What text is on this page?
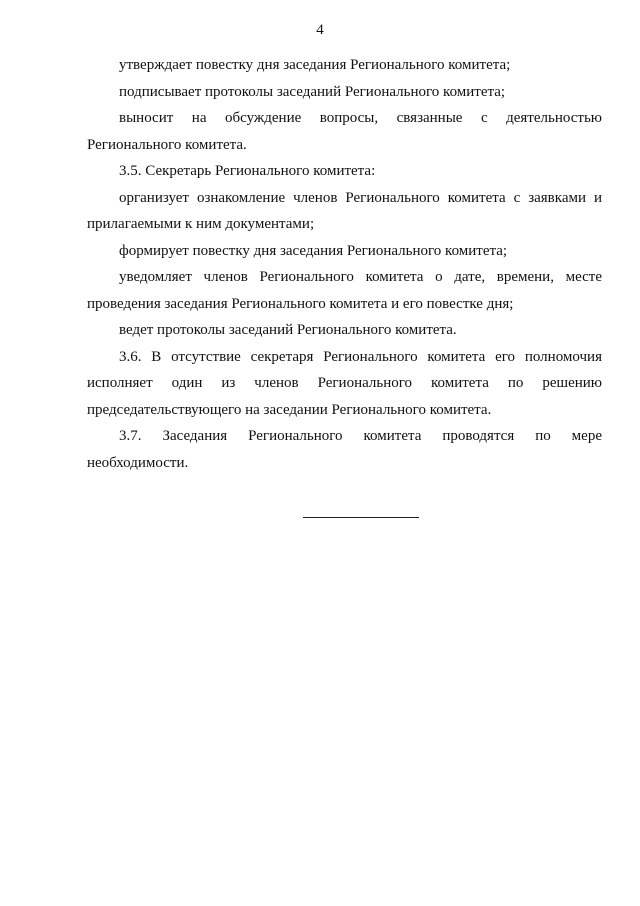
4

утверждает повестку дня заседания Регионального комитета;

подписывает протоколы заседаний Регионального комитета;

выносит на обсуждение вопросы, связанные с деятельностью Регионального комитета.

3.5. Секретарь Регионального комитета:

организует ознакомление членов Регионального комитета с заявками и прилагаемыми к ним документами;

формирует повестку дня заседания Регионального комитета;

уведомляет членов Регионального комитета о дате, времени, месте проведения заседания Регионального комитета и его повестке дня;

ведет протоколы заседаний Регионального комитета.

3.6. В отсутствие секретаря Регионального комитета его полномочия исполняет один из членов Регионального комитета по решению председательствующего на заседании Регионального комитета.

3.7. Заседания Регионального комитета проводятся по мере необходимости.
